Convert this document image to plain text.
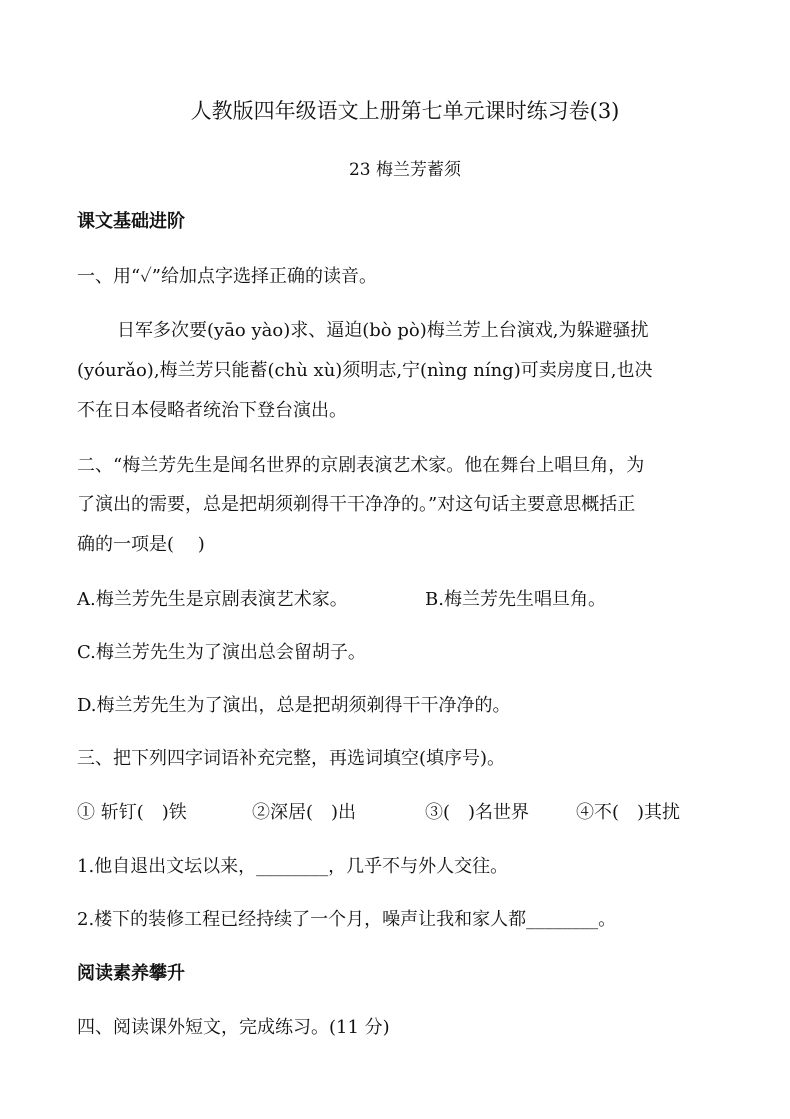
人教版四年级语文上册第七单元课时练习卷(3)
23 梅兰芳蓄须
课文基础进阶
一、用“✓”给加点字选择正确的读音。
日军多次要(yāo yào)求、逼迫(bò pò)梅兰芳上台演戏,为躲避骚扰
(yóurǎo),梅兰芳只能蓄(chù xù)须明志,宁(nìng níng)可卖房度日,也决
不在日本侵略者统治下登台演出。
二、“梅兰芳先生是闻名世界的京剧表演艺术家。他在舞台上唱旦角，为
了演出的需要，总是把胡须剃得干干净净的。”对这句话主要意思概括正
确的一项是(　 )
A.梅兰芳先生是京剧表演艺术家。	B.梅兰芳先生唱旦角。
C.梅兰芳先生为了演出总会留胡子。
D.梅兰芳先生为了演出，总是把胡须剃得干干净净的。
三、把下列四字词语补充完整，再选词填空(填序号)。
① 斩钉(　)铁	②深居(　)出	③(　)名世界	④不(　)其扰
1.他自退出文坛以来，________，几乎不与外人交往。
2.楼下的装修工程已经持续了一个月，噪声让我和家人都________。
阅读素养攀升
四、阅读课外短文，完成练习。(11 分)
